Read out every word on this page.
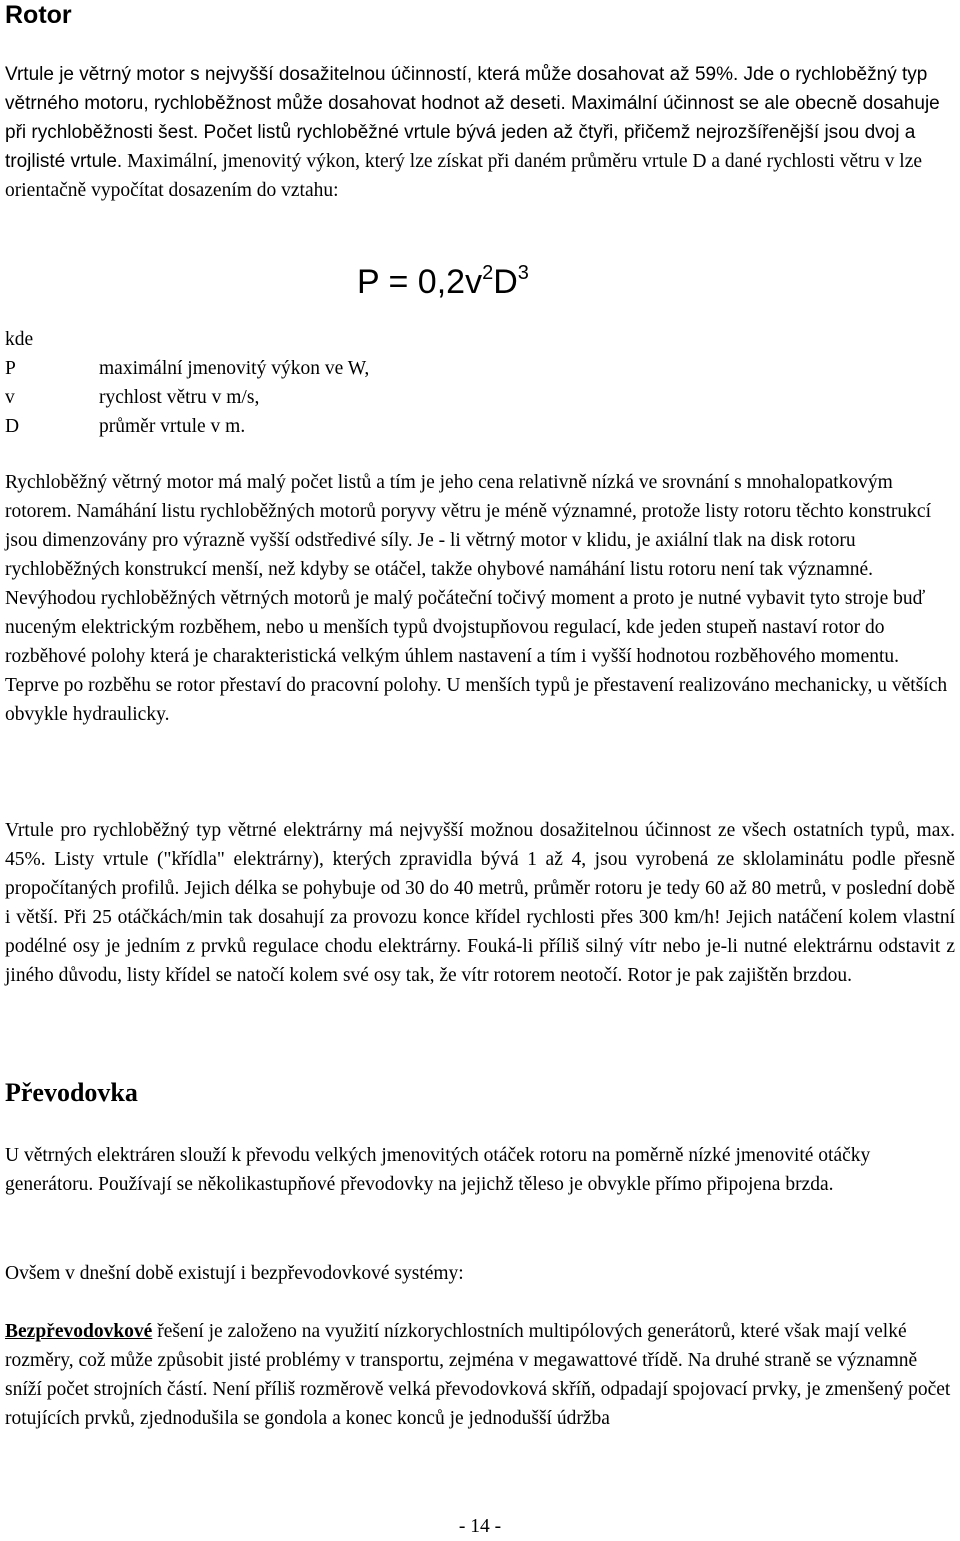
Rotor

Vrtule je větrný motor s nejvyšší dosažitelnou účinností, která může dosahovat až 59%. Jde o rychloběžný typ větrného motoru, rychloběžnost může dosahovat hodnot až deseti. Maximální účinnost se ale obecně dosahuje při rychloběžnosti šest. Počet listů rychloběžné vrtule bývá jeden až čtyři, přičemž nejrozšířenější jsou dvoj a trojlisté vrtule. Maximální, jmenovitý výkon, který lze získat při daném průměru vrtule D a dané rychlosti větru v lze orientačně vypočítat dosazením do vztahu:

$P = 0,2v^2D^3$
kde
P	maximální jmenovitý výkon ve W,
v	rychlost větru v m/s,
D	průměr vrtule v m.

Rychloběžný větrný motor má malý počet listů a tím je jeho cena relativně nízká ve srovnání s mnohalopatkovým rotorem. Namáhání listu rychloběžných motorů poryvy větru je méně významné, protože listy rotoru těchto konstrukcí jsou dimenzovány pro výrazně vyšší odstředivé síly. Je - li větrný motor v klidu, je axiální tlak na disk rotoru rychloběžných konstrukcí menší, než kdyby se otáčel, takže ohybové namáhání listu rotoru není tak významné. Nevýhodou rychloběžných větrných motorů je malý počáteční točivý moment a proto je nutné vybavit tyto stroje buď nuceným elektrickým rozběhem, nebo u menších typů dvojstupňovou regulací, kde jeden stupeň nastaví rotor do rozběhové polohy která je charakteristická velkým úhlem nastavení a tím i vyšší hodnotou rozběhového momentu. Teprve po rozběhu se rotor přestaví do pracovní polohy. U menších typů je přestavení realizováno mechanicky, u větších obvykle hydraulicky.

Vrtule pro rychloběžný typ větrné elektrárny má nejvyšší možnou dosažitelnou účinnost ze všech ostatních typů, max. 45%. Listy vrtule ("křídla" elektrárny), kterých zpravidla bývá 1 až 4, jsou vyrobená ze sklolaminátu podle přesně propočítaných profilů. Jejich délka se pohybuje od 30 do 40 metrů, průměr rotoru je tedy 60 až 80 metrů, v poslední době i větší. Při 25 otáčkách/min tak dosahují za provozu konce křídel rychlosti přes 300 km/h! Jejich natáčení kolem vlastní podélné osy je jedním z prvků regulace chodu elektrárny. Fouká-li příliš silný vítr nebo je-li nutné elektrárnu odstavit z jiného důvodu, listy křídel se natočí kolem své osy tak, že vítr rotorem neotočí. Rotor je pak zajištěn brzdou.

Převodovka

U větrných elektráren slouží k převodu velkých jmenovitých otáček rotoru na poměrně nízké jmenovité otáčky generátoru. Používají se několikastupňové převodovky na jejichž těleso je obvykle přímo připojena brzda.

Ovšem v dnešní době existují i bezpřevodovkové systémy:

Bezpřevodovkové řešení je založeno na využití nízkorychlostních multipólových generátorů, které však mají velké rozměry, což může způsobit jisté problémy v transportu, zejména v megawattové třídě. Na druhé straně se významně sníží počet strojních částí. Není příliš rozměrově velká převodovková skříň, odpadají spojovací prvky, je zmenšený počet rotujících prvků, zjednodušila se gondola a konec konců je jednodušší údržba

- 14 -
